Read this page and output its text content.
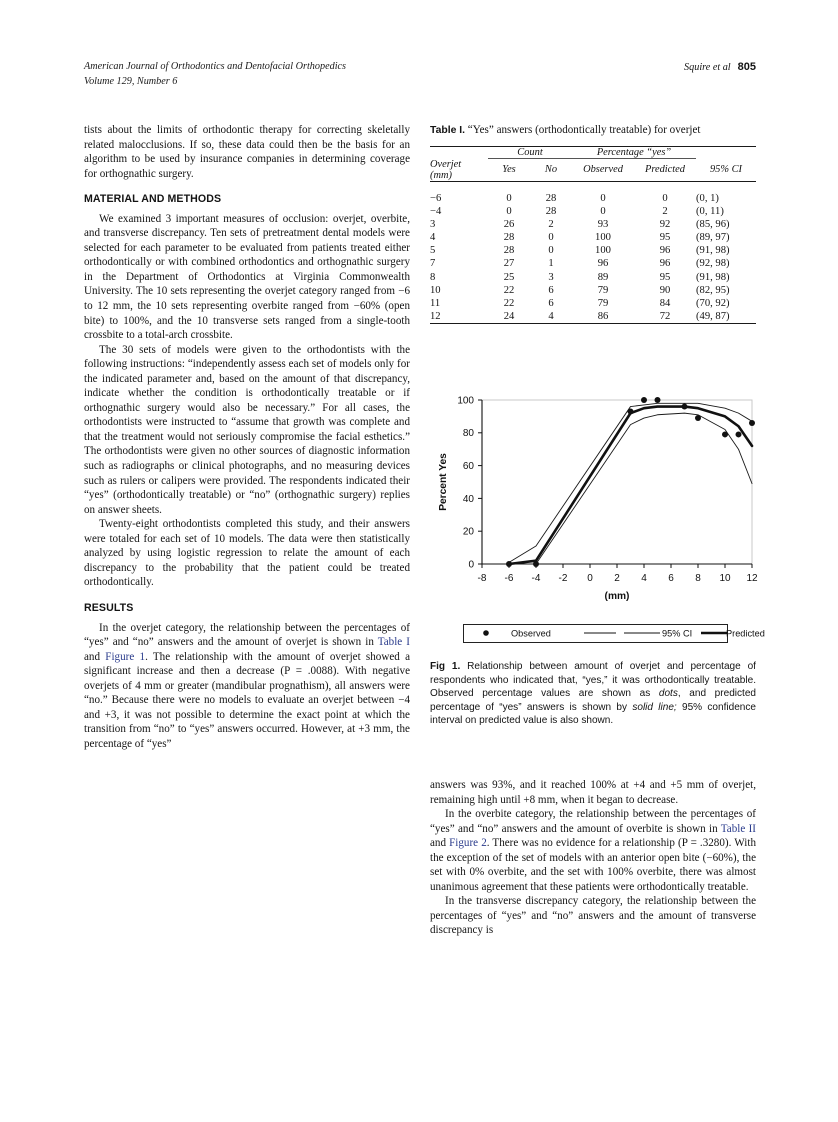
American Journal of Orthodontics and Dentofacial Orthopedics
Volume 129, Number 6
Squire et al 805

tists about the limits of orthodontic therapy for correcting skeletally related malocclusions. If so, these data could then be the basis for an algorithm to be used by insurance companies in determining coverage for orthognathic surgery.

MATERIAL AND METHODS

We examined 3 important measures of occlusion: overjet, overbite, and transverse discrepancy. Ten sets of pretreatment dental models were selected for each parameter to be evaluated from patients treated either orthodontically or with combined orthodontics and orthognathic surgery in the Department of Orthodontics at Virginia Commonwealth University. The 10 sets representing the overjet category ranged from −6 to 12 mm, the 10 sets representing overbite ranged from −60% (open bite) to 100%, and the 10 transverse sets ranged from a single-tooth crossbite to a total-arch crossbite.

The 30 sets of models were given to the orthodontists with the following instructions: “independently assess each set of models only for the indicated parameter and, based on the amount of that discrepancy, indicate whether the condition is orthodontically treatable or if orthognathic surgery would also be necessary.” For all cases, the orthodontists were instructed to “assume that growth was complete and that the treatment would not seriously compromise the facial esthetics.” The orthodontists were given no other sources of diagnostic information such as radiographs or clinical photographs, and no measuring devices such as rulers or calipers were provided. The respondents indicated their “yes” (orthodontically treatable) or “no” (orthognathic surgery) replies on answer sheets.

Twenty-eight orthodontists completed this study, and their answers were totaled for each set of 10 models. The data were then statistically analyzed by using logistic regression to relate the amount of each discrepancy to the probability that the patient could be treated orthodontically.

RESULTS

In the overjet category, the relationship between the percentages of “yes” and “no” answers and the amount of overjet is shown in Table I and Figure 1. The relationship with the amount of overjet showed a significant increase and then a decrease (P = .0088). With negative overjets of 4 mm or greater (mandibular prognathism), all answers were “no.” Because there were no models to evaluate an overjet between −4 and +3, it was not possible to determine the exact point at which the transition from “no” to “yes” answers occurred. However, at +3 mm, the percentage of “yes”

Table I. “Yes” answers (orthodontically treatable) for overjet
	Count		Percentage “yes”		

Overjet
(mm)	Yes	No	Observed	Predicted	95% CI

−6	0	28	0	0	(0, 1)
−4	0	28	0	2	(0, 11)
3	26	2	93	92	(85, 96)
4	28	0	100	95	(89, 97)
5	28	0	100	96	(91, 98)
7	27	1	96	96	(92, 98)
8	25	3	89	95	(91, 98)
10	22	6	79	90	(82, 95)
11	22	6	79	84	(70, 92)
12	24	4	86	72	(49, 87)
0
20
40
60
80
100
-8 -6 -4 -2 0 2 4 6 8 10 12
(mm)
Percent Yes
Observed	95% CI	Predicted
Fig 1. Relationship between amount of overjet and percentage of respondents who indicated that, “yes,” it was orthodontically treatable. Observed percentage values are shown as dots, and predicted percentage of “yes” answers is shown by solid line; 95% confidence interval on predicted value is also shown.

answers was 93%, and it reached 100% at +4 and +5 mm of overjet, remaining high until +8 mm, when it began to decrease.

In the overbite category, the relationship between the percentages of “yes” and “no” answers and the amount of overbite is shown in Table II and Figure 2. There was no evidence for a relationship (P = .3280). With the exception of the set of models with an anterior open bite (−60%), the set with 0% overbite, and the set with 100% overbite, there was almost unanimous agreement that these patients were orthodontically treatable.

In the transverse discrepancy category, the relationship between the percentages of “yes” and “no” answers and the amount of transverse discrepancy is
